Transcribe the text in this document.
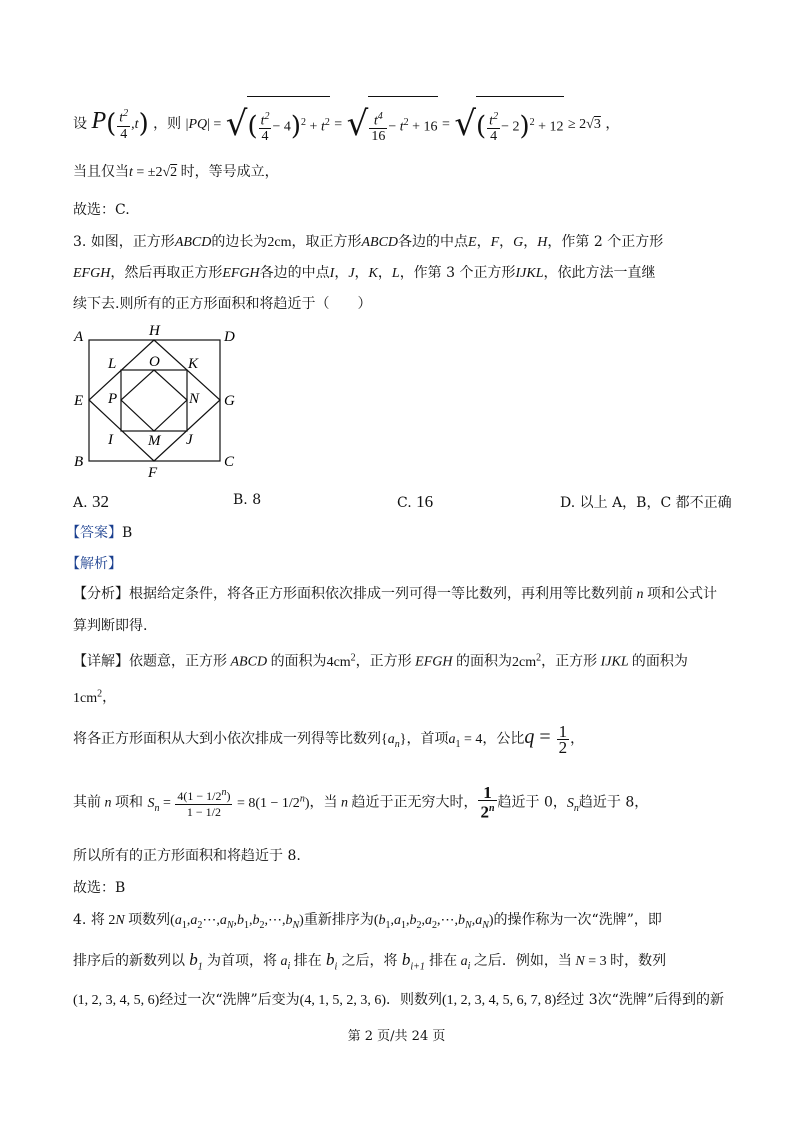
设 $P( \frac{t^2}{4} ,t)$ ，则 |PQ| = √( $\frac{t^2}{4} - 4)^2 + t^2$ = √ $\frac{t^4}{16} - t^2 + 16$ = √( $\frac{t^2}{4} - 2)^2 + 12 \ge 2√3$ ，
当且仅当t = ±2√2 时，等号成立，
故选：C.
3. 如图，正方形ABCD的边长为2cm，取正方形ABCD各边的中点E，F，G，H，作第 2 个正方形
EFGH，然后再取正方形EFGH各边的中点I，J，K，L，作第 3 个正方形IJKL，依此方法一直继
续下去.则所有的正方形面积和将趋近于（　　）
A	H	D
L O K
E P	N G
I M J
B
F
C
A. 32	B. 8	C. 16	D. 以上 A，B，C 都不正确
【答案】B
【解析】
【分析】根据给定条件，将各正方形面积依次排成一列可得一等比数列，再利用等比数列前 n 项和公式计
算判断即得.
【详解】依题意，正方形 ABCD 的面积为$4cm^2$，正方形 EFGH 的面积为$2cm^2$，正方形 IJKL 的面积为
$1cm^2$，
将各正方形面积从大到小依次排成一列得等比数列$\{a_n\}$，首项$a_1 = 4$，公比$q = \frac{1}{2}$ ，
其前 n 项和 $S_n = \frac{4(1 - 1/2^n)}{1 - 1/2} = 8(1 - 1/2^n)$，当 n 趋近于正无穷大时， $\frac{1}{2^n}$ 趋近于 0，$S_n$趋近于 8，
所以所有的正方形面积和将趋近于 8.
故选：B
4. 将 2N 项数列$(a_1,a_2\cdots,a_N,b_1,b_2,\cdots,b_N)$重新排序为$(b_1,a_1,b_2,a_2,\cdots,b_N,a_N)$的操作称为一次“洗牌”，即
排序后的新数列以 $b_1$ 为首项，将 $a_i$ 排在 $b_i$ 之后，将 $b_{i+1}$ 排在 $a_i$ 之后．例如，当 N = 3 时，数列
(1, 2, 3, 4, 5, 6)经过一次“洗牌”后变为(4, 1, 5, 2, 3, 6)．则数列(1, 2, 3, 4, 5, 6, 7, 8)经过 3次“洗牌”后得到的新
第 2 页/共 24 页
